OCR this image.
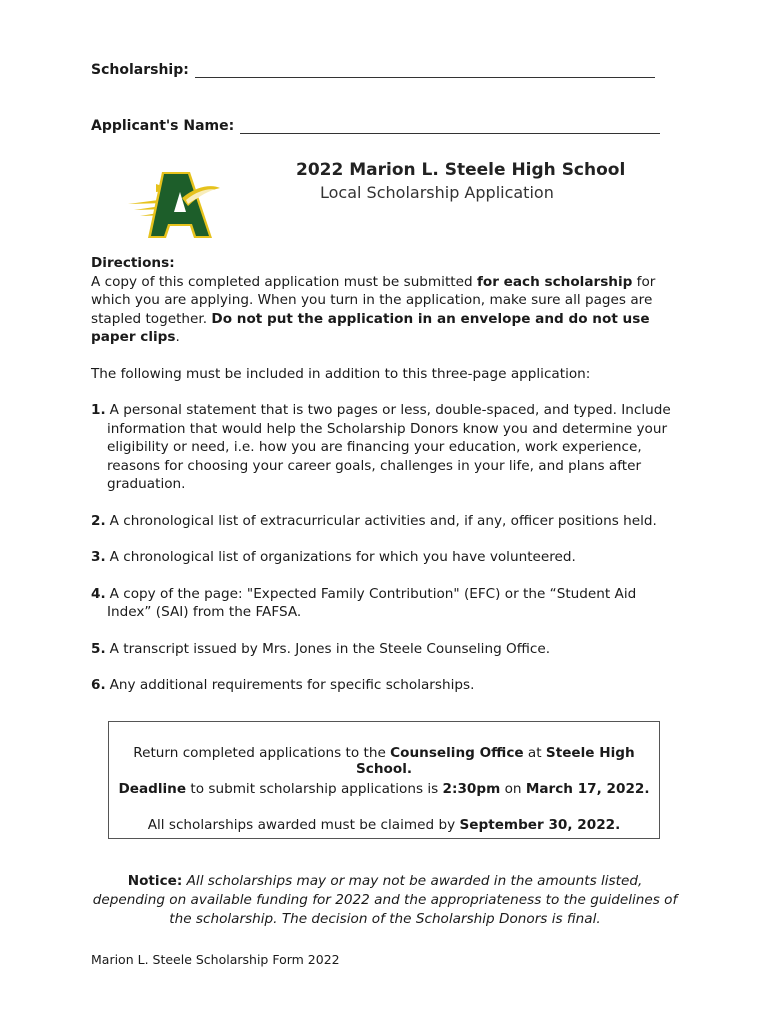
Scholarship:
Applicant's Name:

2022 Marion L. Steele High School

Local Scholarship Application

Directions:

A copy of this completed application must be submitted for each scholarship for which you are applying. When you turn in the application, make sure all pages are stapled together. Do not put the application in an envelope and do not use paper clips.

The following must be included in addition to this three-page application:

1. A personal statement that is two pages or less, double-spaced, and typed. Include information that would help the Scholarship Donors know you and determine your eligibility or need, i.e. how you are financing your education, work experience, reasons for choosing your career goals, challenges in your life, and plans after graduation.
2. A chronological list of extracurricular activities and, if any, officer positions held.
3. A chronological list of organizations for which you have volunteered.
4. A copy of the page: "Expected Family Contribution" (EFC) or the “Student Aid Index” (SAI) from the FAFSA.
5. A transcript issued by Mrs. Jones in the Steele Counseling Office.
6. Any additional requirements for specific scholarships.

Return completed applications to the Counseling Office at Steele High School.

Deadline to submit scholarship applications is 2:30pm on March 17, 2022.

All scholarships awarded must be claimed by September 30, 2022.

Notice: All scholarships may or may not be awarded in the amounts listed, depending on available funding for 2022 and the appropriateness to the guidelines of the scholarship. The decision of the Scholarship Donors is final.

Marion L. Steele Scholarship Form 2022
